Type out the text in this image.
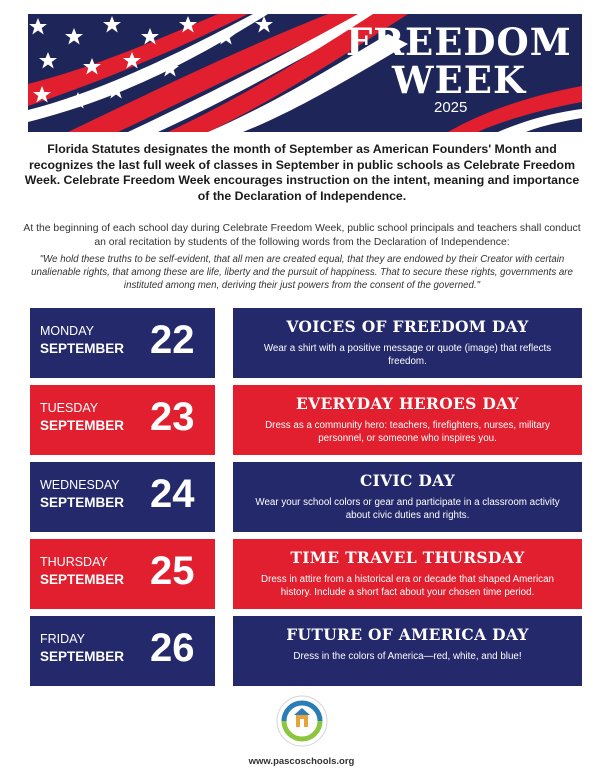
FREEDOM
WEEK
2025
Florida Statutes designates the month of September as American Founders' Month and recognizes the last full week of classes in September in public schools as Celebrate Freedom Week. Celebrate Freedom Week encourages instruction on the intent, meaning and importance of the Declaration of Independence.
At the beginning of each school day during Celebrate Freedom Week, public school principals and teachers shall conduct an oral recitation by students of the following words from the Declaration of Independence:
"We hold these truths to be self-evident, that all men are created equal, that they are endowed by their Creator with certain unalienable rights, that among these are life, liberty and the pursuit of happiness. That to secure these rights, governments are instituted among men, deriving their just powers from the consent of the governed."
MONDAY
SEPTEMBER 22	VOICES OF FREEDOM DAY
Wear a shirt with a positive message or quote (image) that reflects freedom.
TUESDAY
SEPTEMBER 23	EVERYDAY HEROES DAY
Dress as a community hero: teachers, firefighters, nurses, military personnel, or someone who inspires you.
WEDNESDAY
SEPTEMBER 24	CIVIC DAY
Wear your school colors or gear and participate in a classroom activity about civic duties and rights.
THURSDAY
SEPTEMBER 25	TIME TRAVEL THURSDAY
Dress in attire from a historical era or decade that shaped American history. Include a short fact about your chosen time period.
FRIDAY
SEPTEMBER 26	FUTURE OF AMERICA DAY
Dress in the colors of America—red, white, and blue!
www.pascoschools.org
